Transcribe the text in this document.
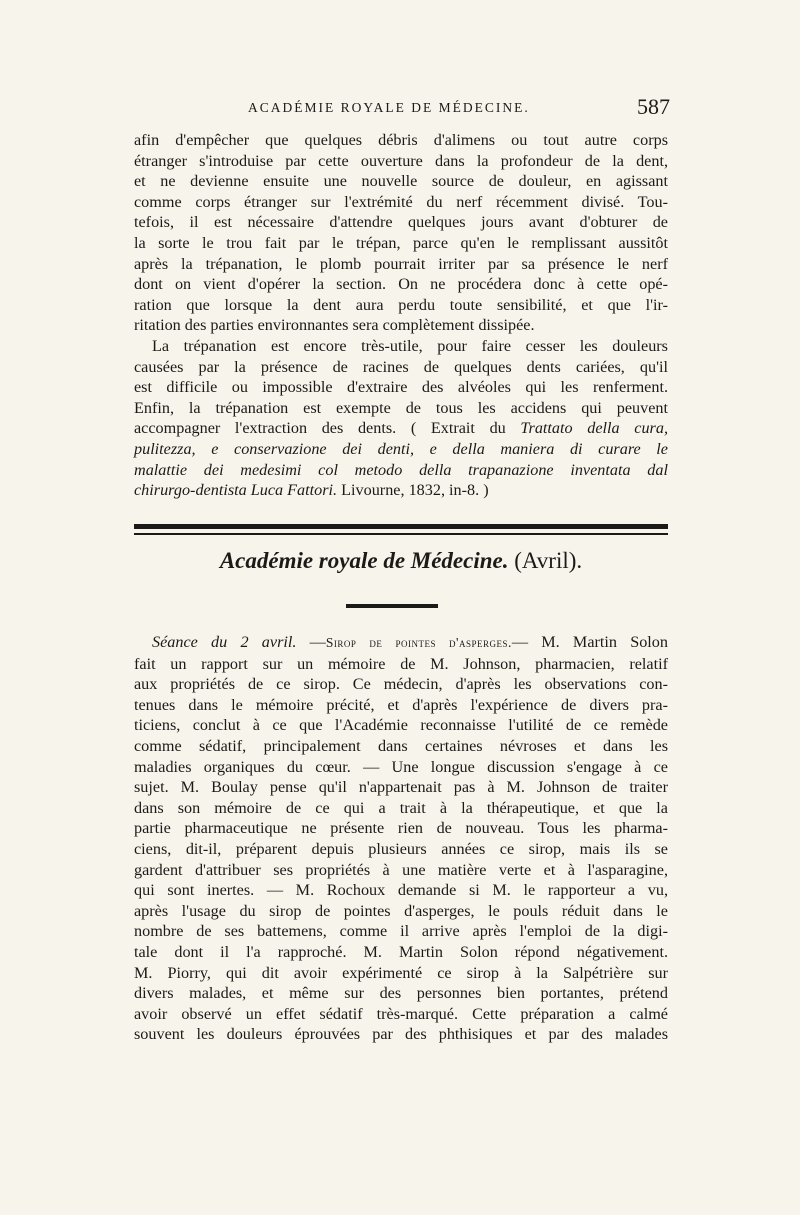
ACADÉMIE ROYALE DE MÉDECINE.	587
afin d'empêcher que quelques débris d'alimens ou tout autre corps
étranger s'introduise par cette ouverture dans la profondeur de la dent,
et ne devienne ensuite une nouvelle source de douleur, en agissant
comme corps étranger sur l'extrémité du nerf récemment divisé. Tou-
tefois, il est nécessaire d'attendre quelques jours avant d'obturer de
la sorte le trou fait par le trépan, parce qu'en le remplissant aussitôt
après la trépanation, le plomb pourrait irriter par sa présence le nerf
dont on vient d'opérer la section. On ne procédera donc à cette opé-
ration que lorsque la dent aura perdu toute sensibilité, et que l'ir-
ritation des parties environnantes sera complètement dissipée.
La trépanation est encore très-utile, pour faire cesser les douleurs
causées par la présence de racines de quelques dents cariées, qu'il
est difficile ou impossible d'extraire des alvéoles qui les renferment.
Enfin, la trépanation est exempte de tous les accidens qui peuvent
accompagner l'extraction des dents. ( Extrait du Trattato della cura,
pulitezza, e conservazione dei denti, e della maniera di curare le
malattie dei medesimi col metodo della trapanazione inventata dal
chirurgo-dentista Luca Fattori. Livourne, 1832, in-8. )
Académie royale de Médecine. (Avril).
Séance du 2 avril. —Sirop de pointes d'asperges.— M. Martin Solon
fait un rapport sur un mémoire de M. Johnson, pharmacien, relatif
aux propriétés de ce sirop. Ce médecin, d'après les observations con-
tenues dans le mémoire précité, et d'après l'expérience de divers pra-
ticiens, conclut à ce que l'Académie reconnaisse l'utilité de ce remède
comme sédatif, principalement dans certaines névroses et dans les
maladies organiques du cœur. — Une longue discussion s'engage à ce
sujet. M. Boulay pense qu'il n'appartenait pas à M. Johnson de traiter
dans son mémoire de ce qui a trait à la thérapeutique, et que la
partie pharmaceutique ne présente rien de nouveau. Tous les pharma-
ciens, dit-il, préparent depuis plusieurs années ce sirop, mais ils se
gardent d'attribuer ses propriétés à une matière verte et à l'asparagine,
qui sont inertes. — M. Rochoux demande si M. le rapporteur a vu,
après l'usage du sirop de pointes d'asperges, le pouls réduit dans le
nombre de ses battemens, comme il arrive après l'emploi de la digi-
tale dont il l'a rapproché. M. Martin Solon répond négativement.
M. Piorry, qui dit avoir expérimenté ce sirop à la Salpétrière sur
divers malades, et même sur des personnes bien portantes, prétend
avoir observé un effet sédatif très-marqué. Cette préparation a calmé
souvent les douleurs éprouvées par des phthisiques et par des malades
